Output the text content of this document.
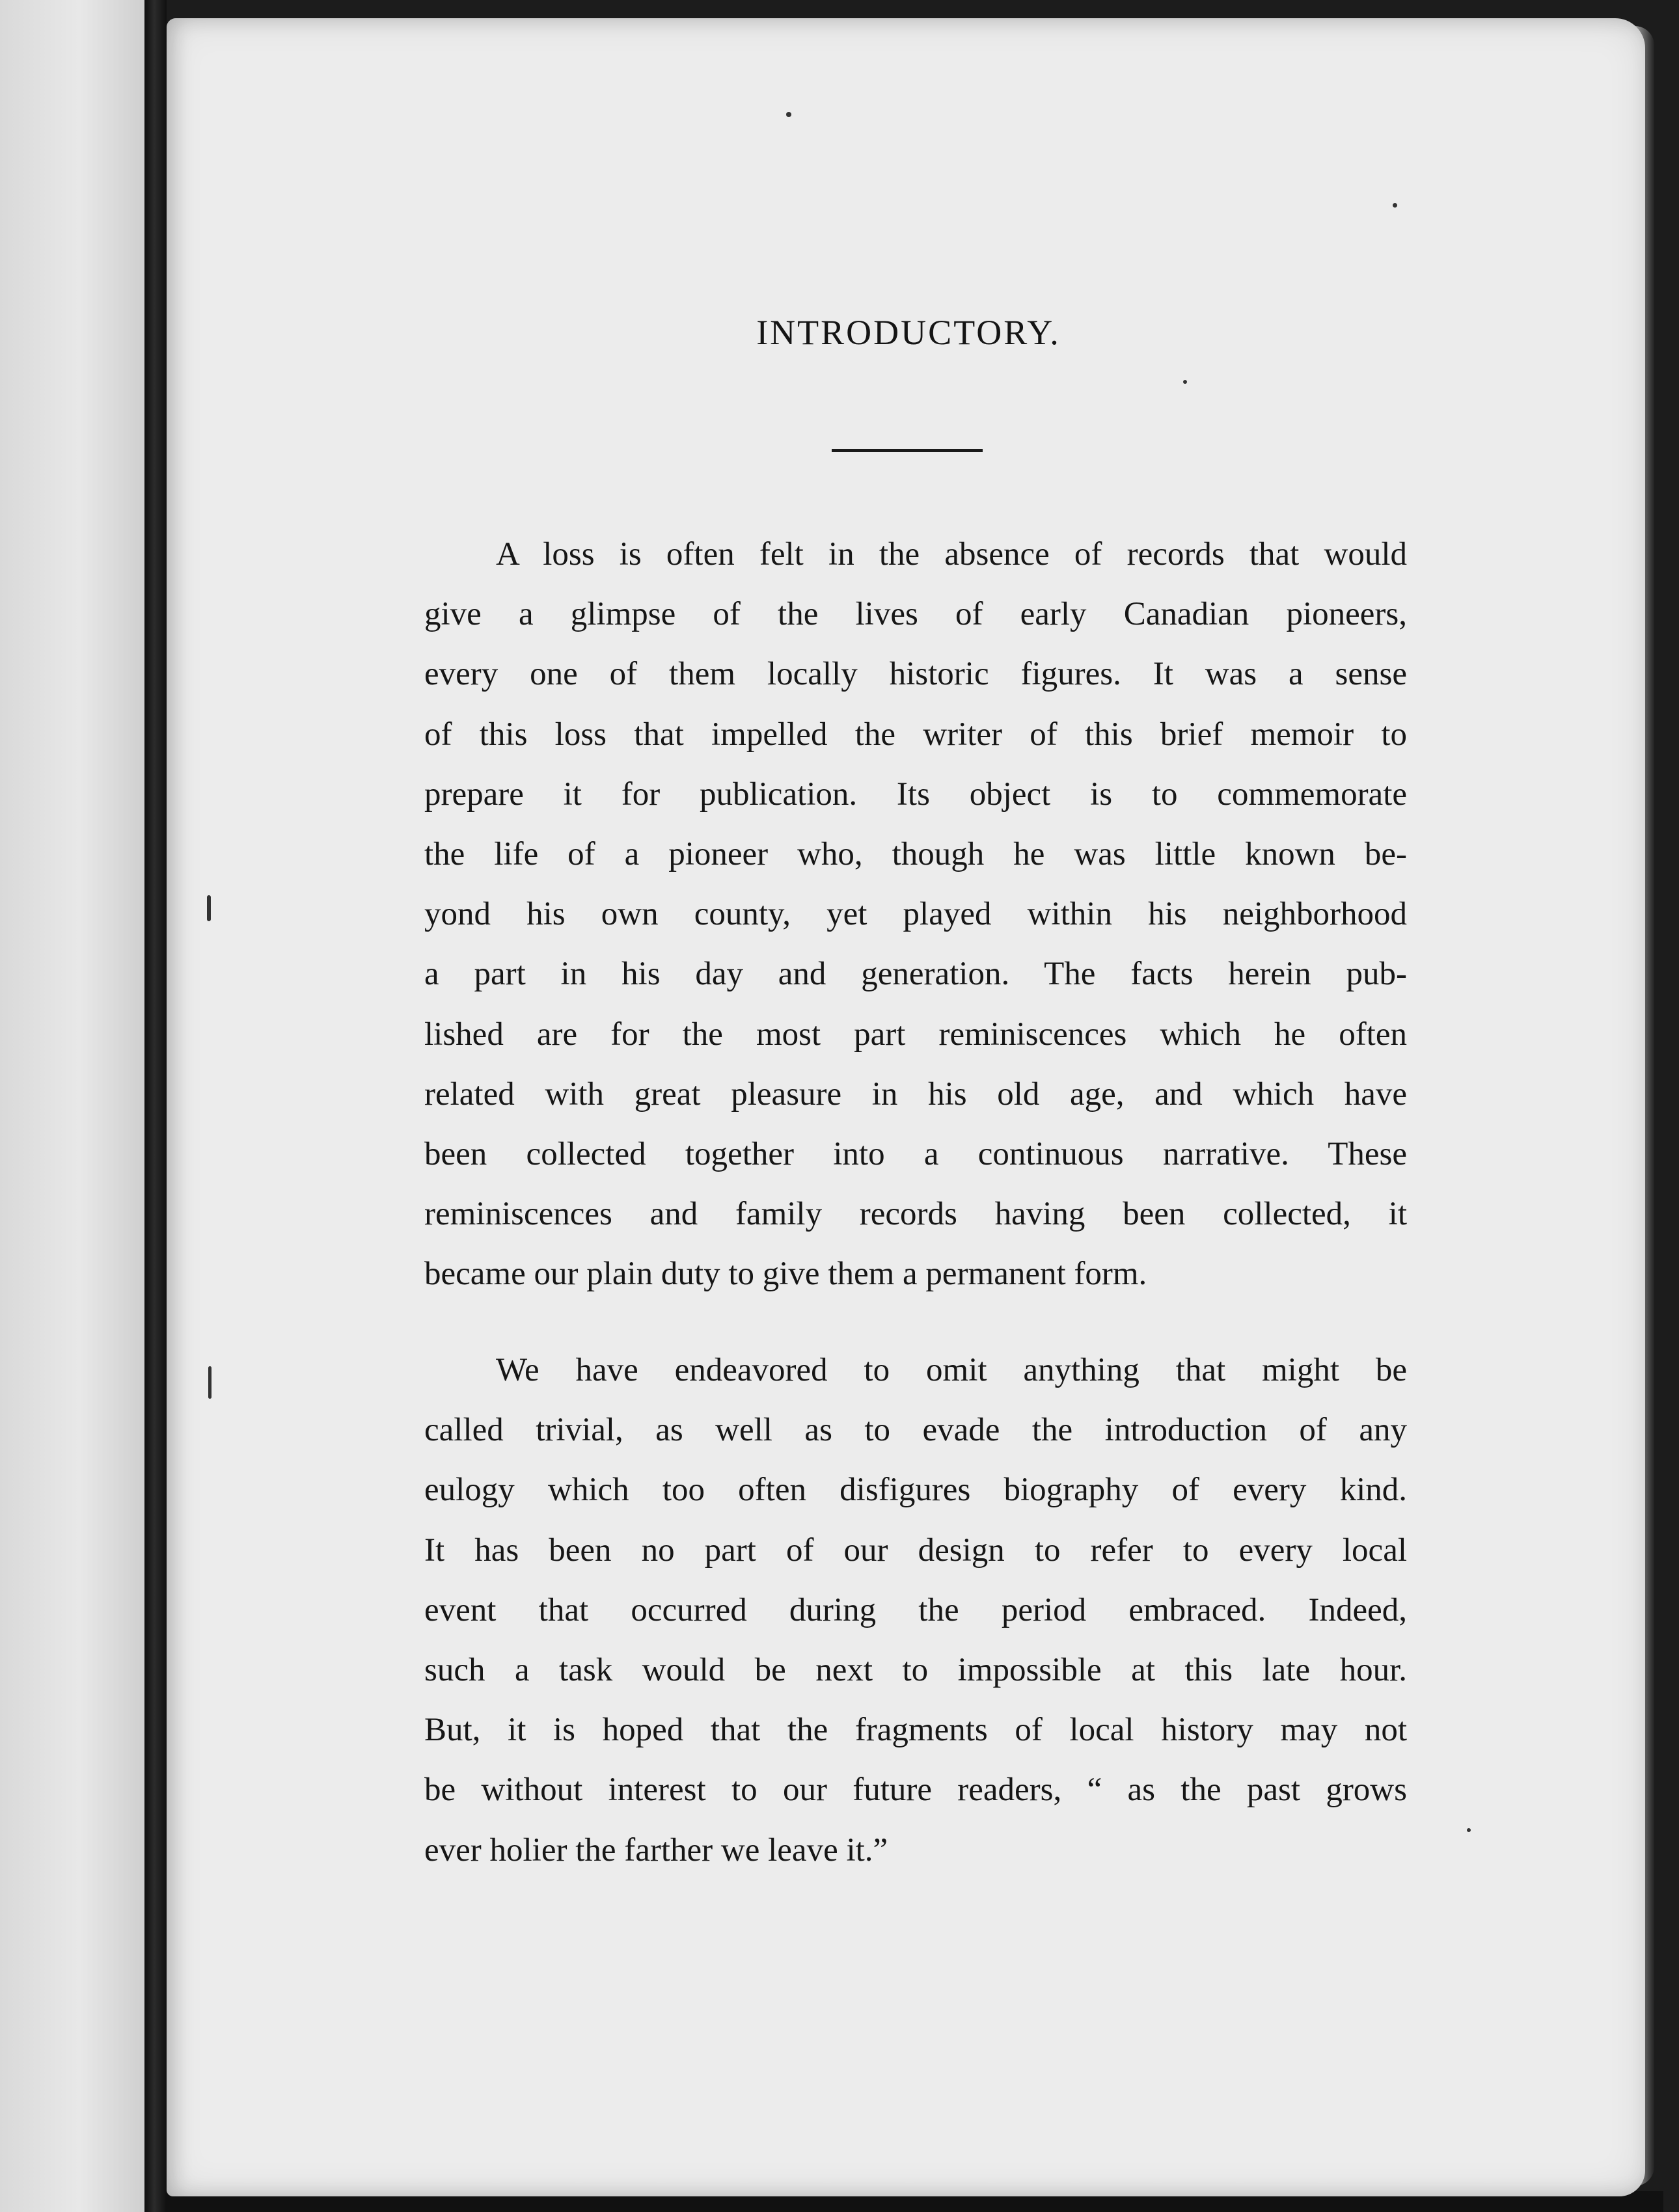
INTRODUCTORY.
A loss is often felt in the absence of records that would
give a glimpse of the lives of early Canadian pioneers,
every one of them locally historic figures. It was a sense
of this loss that impelled the writer of this brief memoir to
prepare it for publication. Its object is to commemorate
the life of a pioneer who, though he was little known be-
yond his own county, yet played within his neighborhood
a part in his day and generation. The facts herein pub-
lished are for the most part reminiscences which he often
related with great pleasure in his old age, and which have
been collected together into a continuous narrative. These
reminiscences and family records having been collected, it
became our plain duty to give them a permanent form.
We have endeavored to omit anything that might be
called trivial, as well as to evade the introduction of any
eulogy which too often disfigures biography of every kind.
It has been no part of our design to refer to every local
event that occurred during the period embraced. Indeed,
such a task would be next to impossible at this late hour.
But, it is hoped that the fragments of local history may not
be without interest to our future readers, “ as the past grows
ever holier the farther we leave it.”
